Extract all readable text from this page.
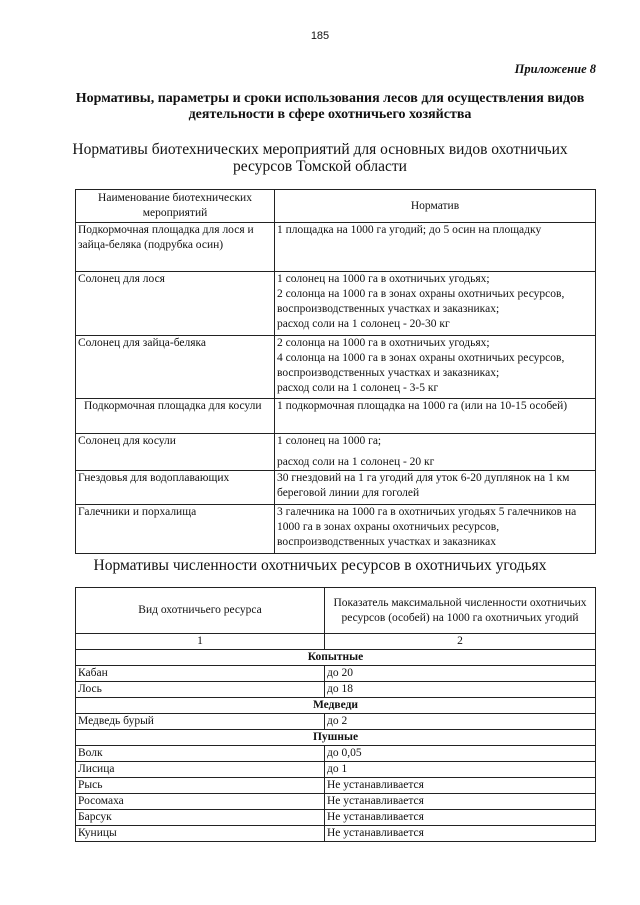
185
Приложение 8
Нормативы, параметры и сроки использования лесов для осуществления видов деятельности в сфере охотничьего хозяйства
Нормативы биотехнических мероприятий для основных видов охотничьих ресурсов Томской области
Наименование биотехнических мероприятий	Норматив
Подкормочная площадка для лося и зайца-беляка (подрубка осин)	1 площадка на 1000 га угодий; до 5 осин на площадку
Солонец для лося	1 солонец на 1000 га в охотничьих угодьях;
2 солонца на 1000 га в зонах охраны охотничьих ресурсов, воспроизводственных участках и заказниках;
расход соли на 1 солонец - 20-30 кг

Солонец для зайца-беляка	2 солонца на 1000 га в охотничьих угодьях;
4 солонца на 1000 га в зонах охраны охотничьих ресурсов, воспроизводственных участках и заказниках;
расход соли на 1 солонец - 3-5 кг

Подкормочная площадка для косули	1 подкормочная площадка на 1000 га (или на 10-15 особей)
Солонец для косули	1 солонец на 1000 га;
расход соли на 1 солонец - 20 кг

Гнездовья для водоплавающих	30 гнездовий на 1 га угодий для уток 6-20 дуплянок на 1 км береговой линии для гоголей
Галечники и порхалища	3 галечника на 1000 га в охотничьих угодьях 5 галечников на 1000 га в зонах охраны охотничьих ресурсов, воспроизводственных участках и заказниках
Нормативы численности охотничьих ресурсов в охотничьих угодьях
Вид охотничьего ресурса	Показатель максимальной численности охотничьих ресурсов (особей) на 1000 га охотничьих угодий
1	2
Копытные	
Кабан	до 20
Лось	до 18
Медведи	
Медведь бурый	до 2
Пушные	
Волк	до 0,05
Лисица	до 1
Рысь	Не устанавливается
Росомаха	Не устанавливается
Барсук	Не устанавливается
Куницы	Не устанавливается
